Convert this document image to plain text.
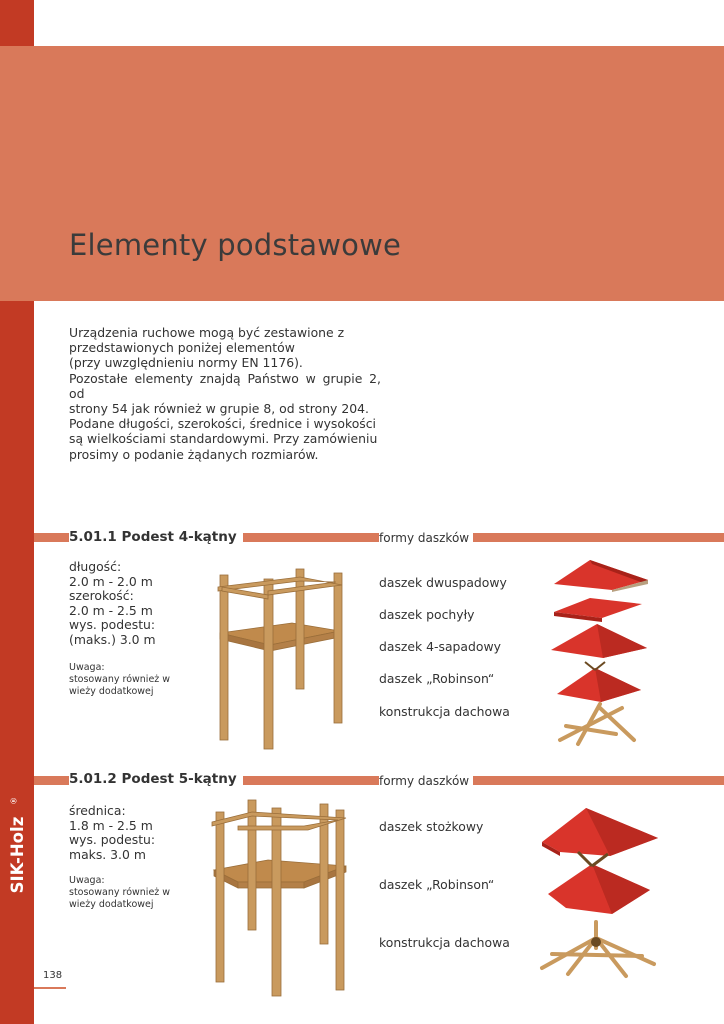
Elementy podstawowe
Urządzenia ruchowe mogą być zestawione z
przedstawionych poniżej elementów
(przy uwzględnieniu normy EN 1176).
Pozostałe elementy znajdą Państwo w grupie 2, od
strony 54 jak również w grupie 8, od strony 204.
Podane długości, szerokości, średnice i wysokości
są wielkościami standardowymi. Przy zamówieniu
prosimy o podanie żądanych rozmiarów.
5.01.1 Podest 4-kątny	formy daszków
długość:
2.0 m - 2.0 m
szerokość:
2.0 m - 2.5 m
wys. podestu:
(maks.) 3.0 m
Uwaga:
stosowany również w
wieży dodatkowej
daszek dwuspadowy
daszek pochyły
daszek 4-sapadowy
daszek „Robinson“
konstrukcja dachowa
5.01.2 Podest 5-kątny	formy daszków
średnica:
1.8 m - 2.5 m
wys. podestu:
maks. 3.0 m
Uwaga:
stosowany również w
wieży dodatkowej
daszek stożkowy
daszek „Robinson“
konstrukcja dachowa
SIK-Holz
®
138
